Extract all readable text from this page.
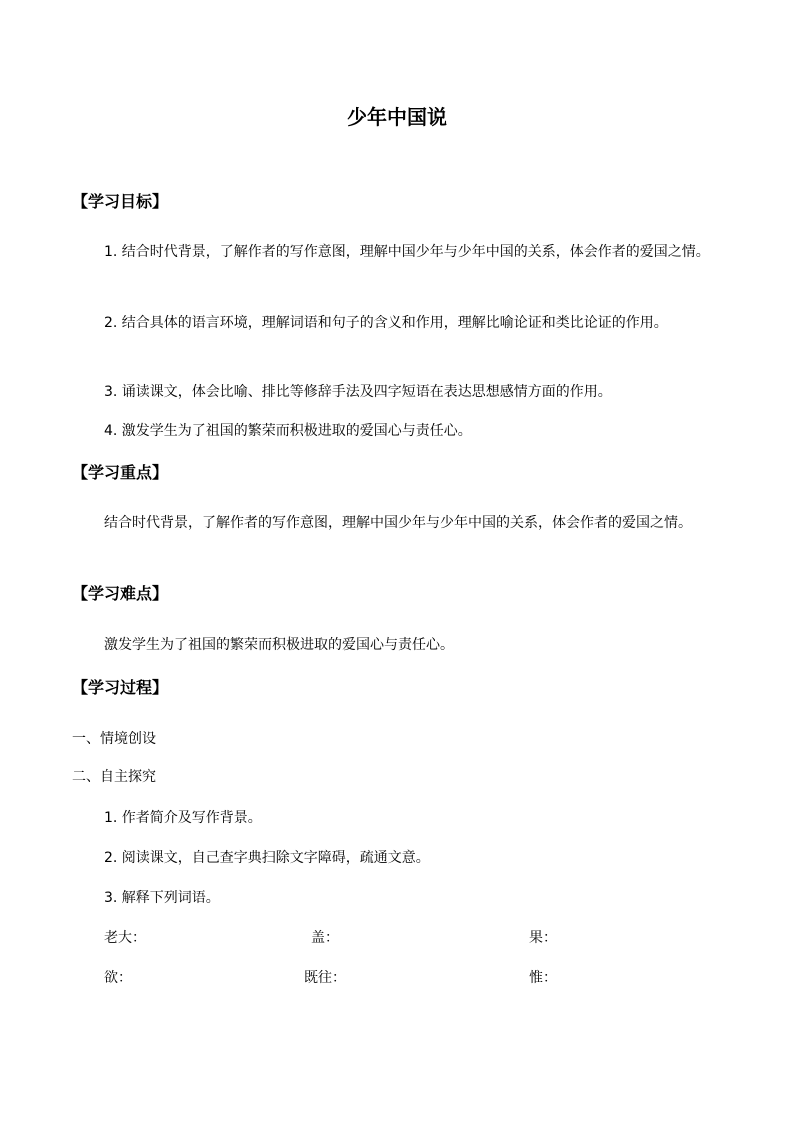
少年中国说
【学习目标】
1. 结合时代背景，了解作者的写作意图，理解中国少年与少年中国的关系，体会作者的爱国之情。
2. 结合具体的语言环境，理解词语和句子的含义和作用，理解比喻论证和类比论证的作用。
3. 诵读课文，体会比喻、排比等修辞手法及四字短语在表达思想感情方面的作用。
4. 激发学生为了祖国的繁荣而积极进取的爱国心与责任心。
【学习重点】
结合时代背景，了解作者的写作意图，理解中国少年与少年中国的关系，体会作者的爱国之情。
【学习难点】
激发学生为了祖国的繁荣而积极进取的爱国心与责任心。
【学习过程】
一、情境创设
二、自主探究
1. 作者简介及写作背景。
2. 阅读课文，自己查字典扫除文字障碍，疏通文意。
3. 解释下列词语。
老大：	盖：	果：
欲：	既往：	惟：
